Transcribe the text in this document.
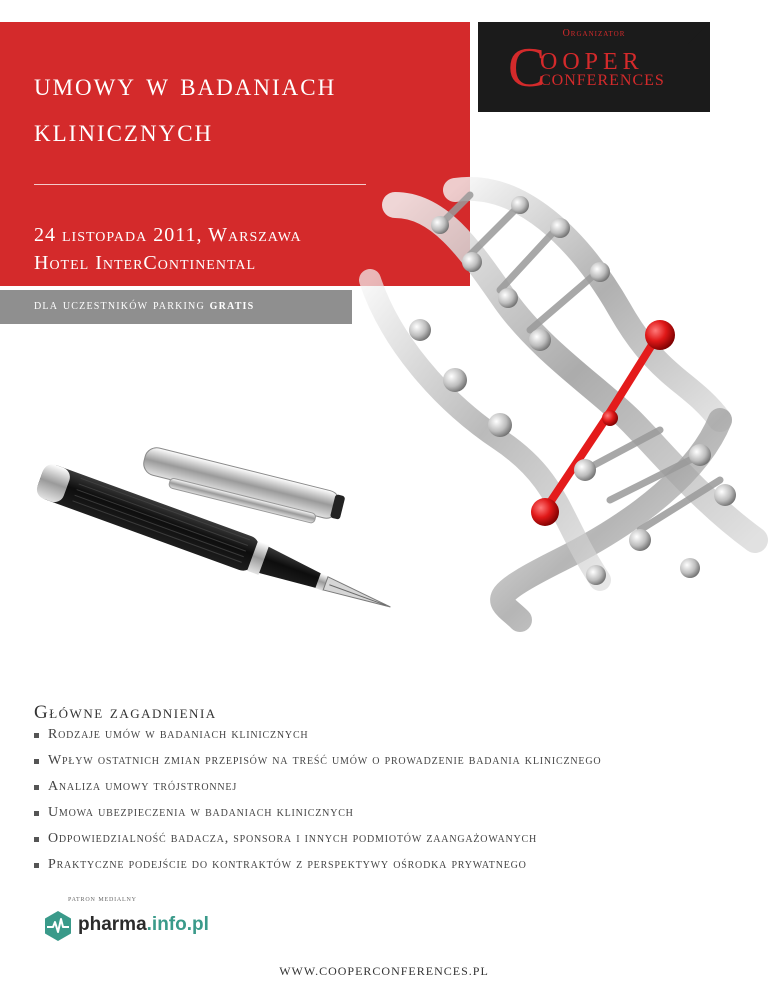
umowy w badaniach
klinicznych
24 listopada 2011, Warszawa
Hotel InterContinental
dla uczestników parking gratis
Organizator
C
OOPER
CONFERENCES
Główne zagadnienia
Rodzaje umów w badaniach klinicznych
Wpływ ostatnich zmian przepisów na treść umów o prowadzenie badania klinicznego
Analiza umowy trójstronnej
Umowa ubezpieczenia w badaniach klinicznych
Odpowiedzialność badacza, sponsora i innych podmiotów zaangażowanych
Praktyczne podejście do kontraktów z perspektywy ośrodka prywatnego
patron medialny
pharma.info.pl
WWW.COOPERCONFERENCES.PL
